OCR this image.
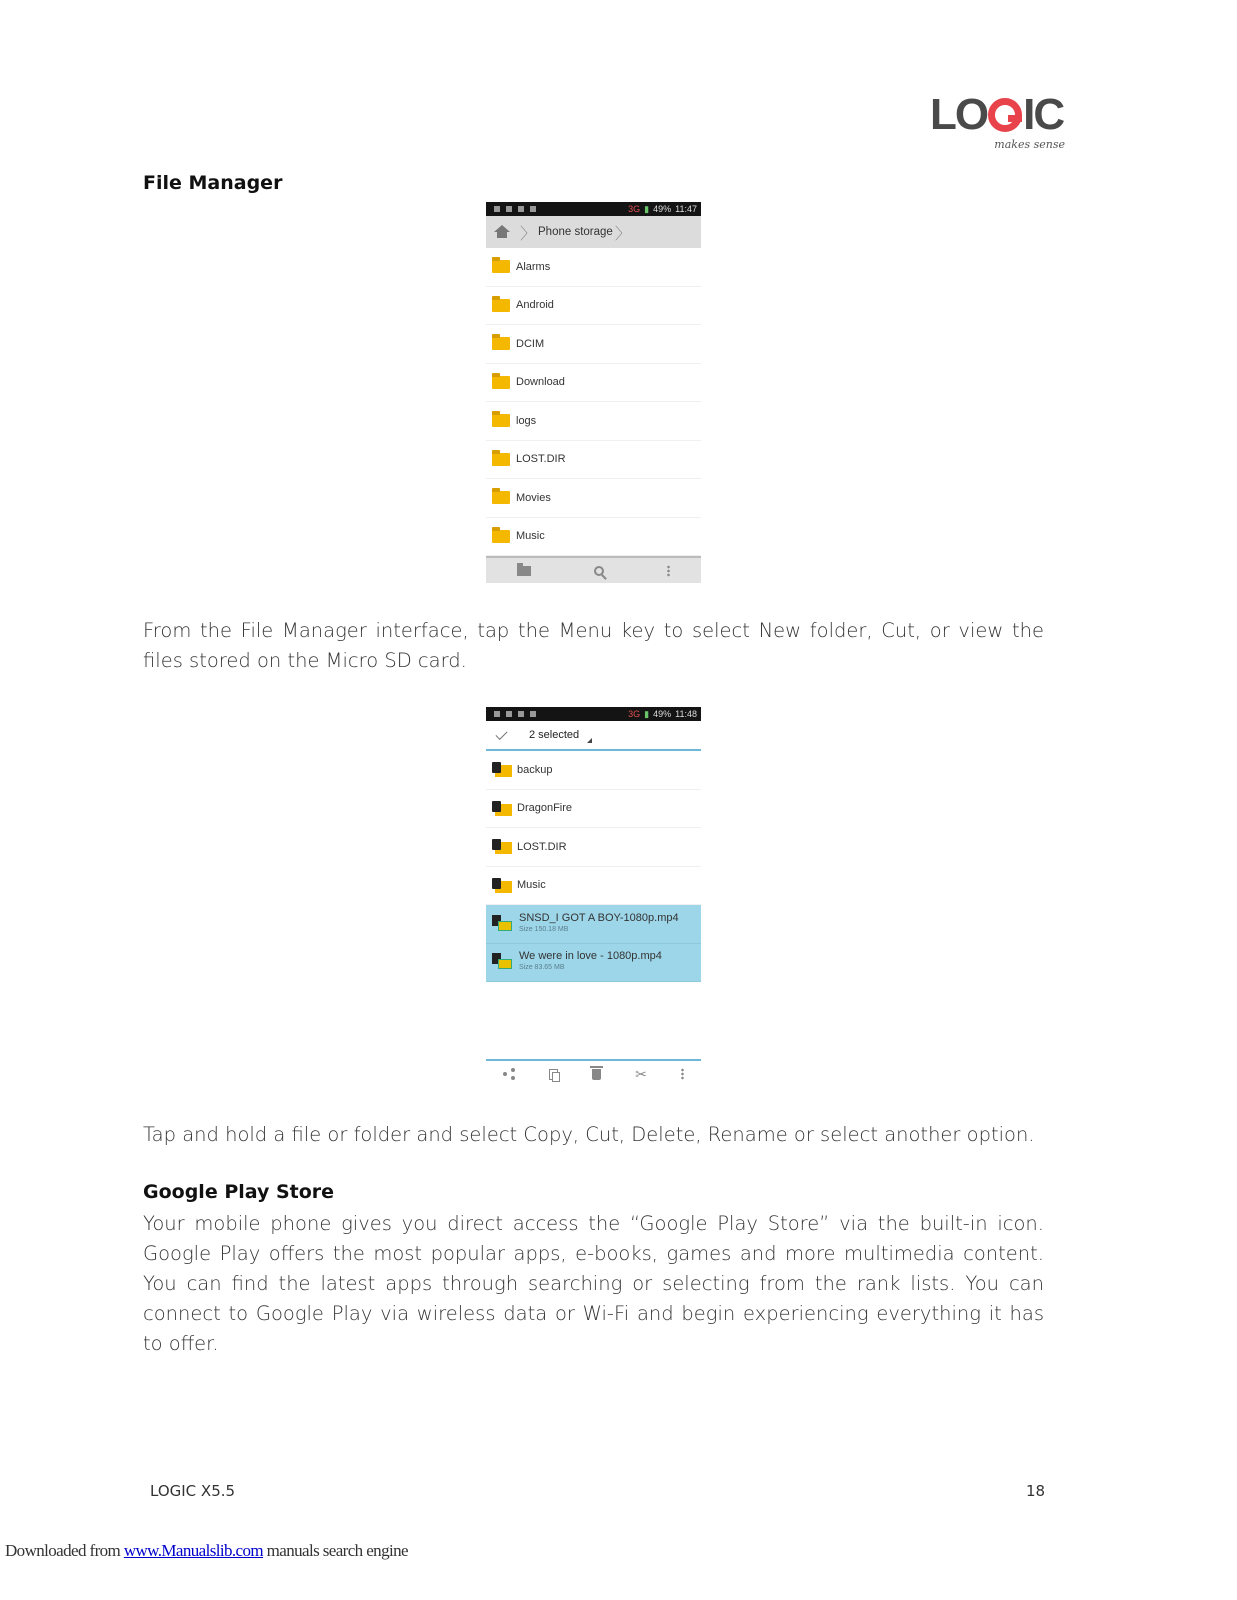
LO IC
makes sense
File Manager
3G ▮ 49% 11:47
〉 Phone storage 〉
Alarms
Android
DCIM
Download
logs
LOST.DIR
Movies
Music
From the File Manager interface, tap the Menu key to select New folder, Cut, or view the files stored on the Micro SD card.
3G ▮ 49% 11:48
2 selected
backup
DragonFire
LOST.DIR
Music
SNSD_I GOT A BOY-1080p.mp4
Size 150.18 MB
We were in love - 1080p.mp4
Size 83.65 MB
✂
Tap and hold a file or folder and select Copy, Cut, Delete, Rename or select another option.
Google Play Store
Your mobile phone gives you direct access the “Google Play Store” via the built-in icon. Google Play offers the most popular apps, e-books, games and more multimedia content. You can find the latest apps through searching or selecting from the rank lists. You can connect to Google Play via wireless data or Wi-Fi and begin experiencing everything it has to offer.
LOGIC X5.5	18
Downloaded from www.Manualslib.com manuals search engine
